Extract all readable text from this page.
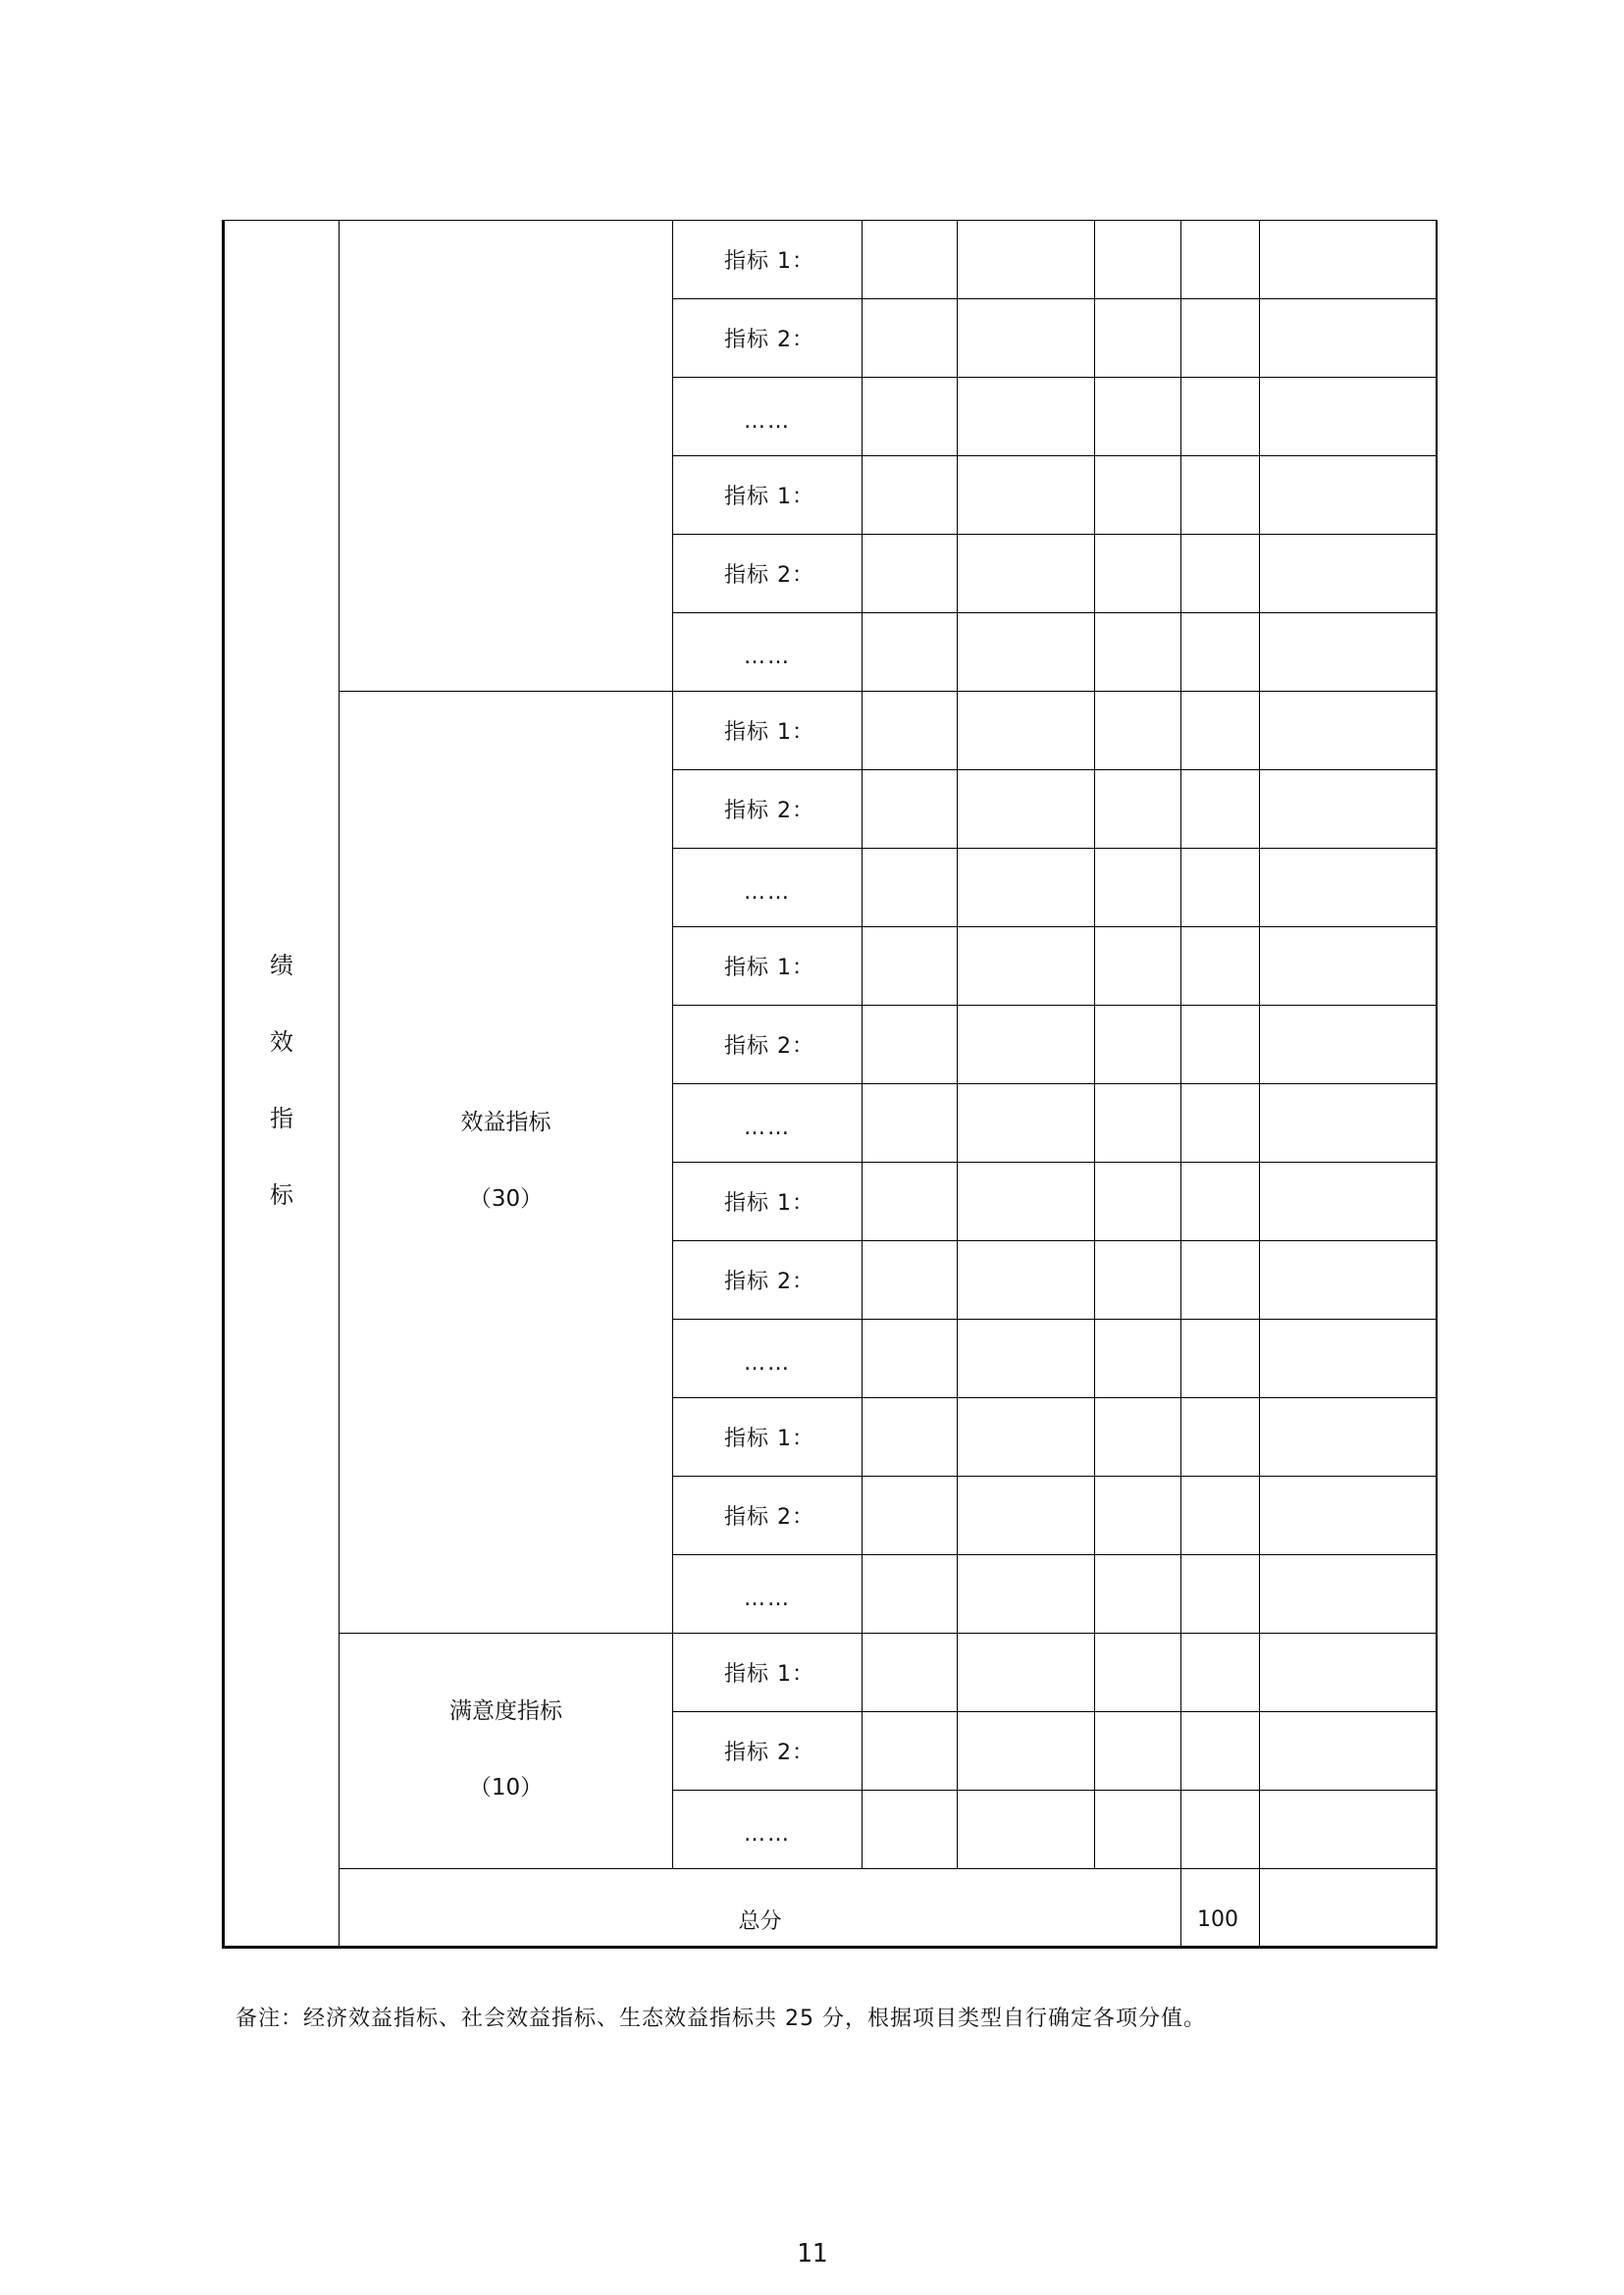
绩
效
指
标		指标 1：						
		指标 2：						
		……						
		指标 1：						
		指标 2：						
		……						

	效益指标
（30）	指标 1：						
		指标 2：						
		……						
		指标 1：						
		指标 2：						
		……						
		指标 1：						
		指标 2：						
		……						
		指标 1：						
		指标 2：						
		……						

	满意度指标
（10）	指标 1：						
		指标 2：						
		……						
	总分					100		

备注：经济效益指标、社会效益指标、生态效益指标共 25 分，根据项目类型自行确定各项分值。

11
